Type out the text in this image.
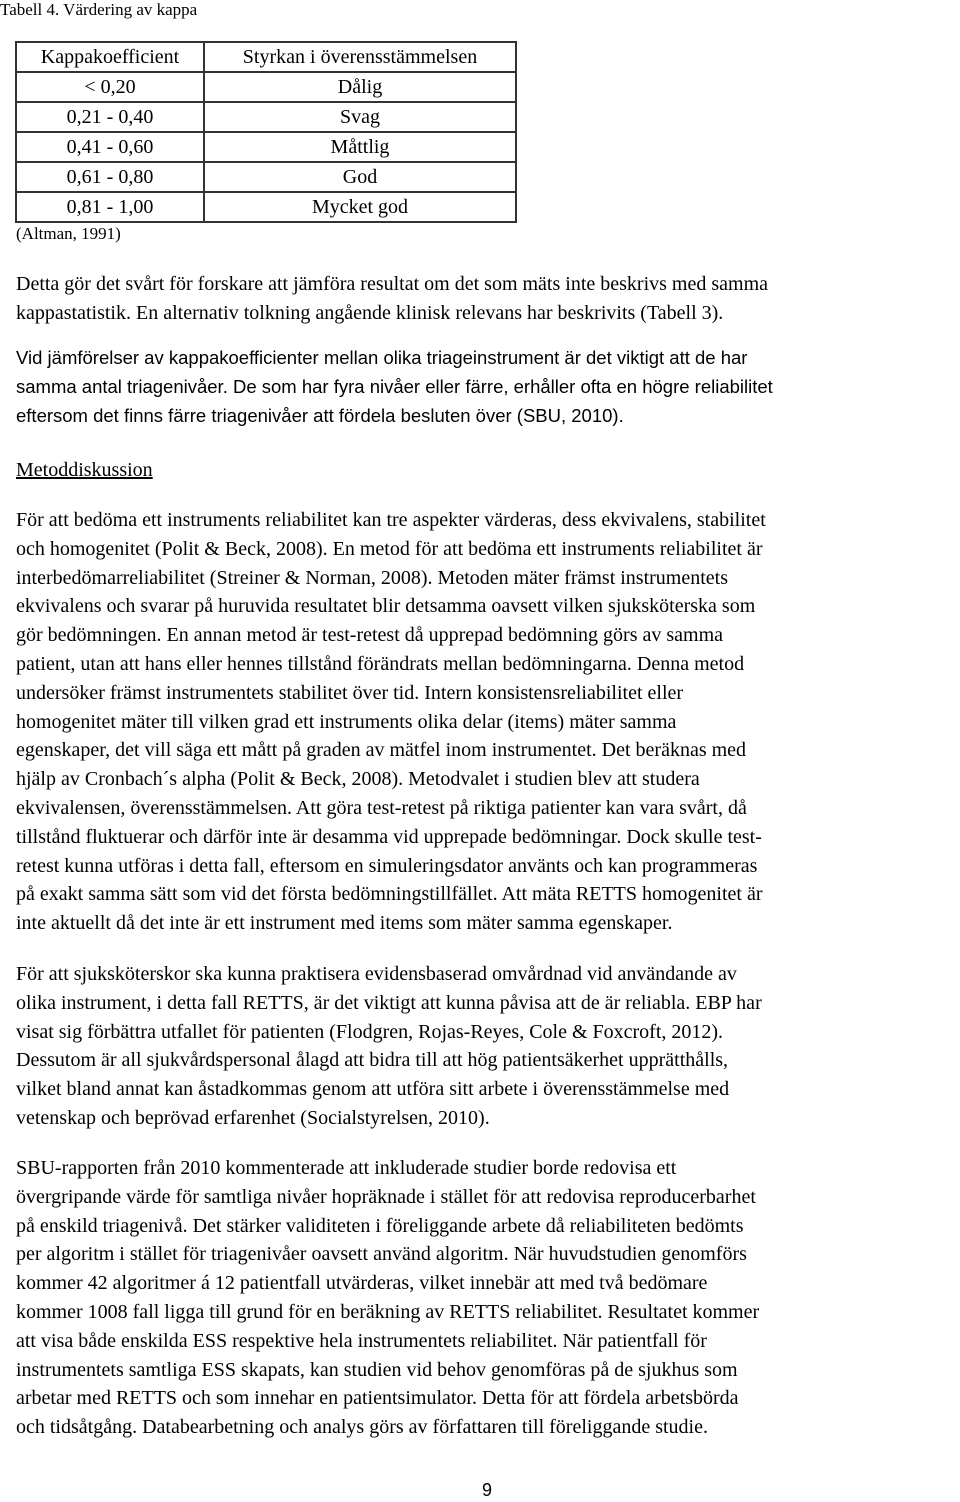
Tabell 4. Värdering av kappa
Kappakoefficient	Styrkan i överensstämmelsen
< 0,20	Dålig
0,21 - 0,40	Svag
0,41 - 0,60	Måttlig
0,61 - 0,80	God
0,81 - 1,00	Mycket god
(Altman, 1991)
Detta gör det svårt för forskare att jämföra resultat om det som mäts inte beskrivs med samma
kappastatistik. En alternativ tolkning angående klinisk relevans har beskrivits (Tabell 3).
Vid jämförelser av kappakoefficienter mellan olika triageinstrument är det viktigt att de har
samma antal triagenivåer. De som har fyra nivåer eller färre, erhåller ofta en högre reliabilitet
eftersom det finns färre triagenivåer att fördela besluten över (SBU, 2010).
Metoddiskussion
För att bedöma ett instruments reliabilitet kan tre aspekter värderas, dess ekvivalens, stabilitet
och homogenitet (Polit & Beck, 2008). En metod för att bedöma ett instruments reliabilitet är
interbedömarreliabilitet (Streiner & Norman, 2008). Metoden mäter främst instrumentets
ekvivalens och svarar på huruvida resultatet blir detsamma oavsett vilken sjuksköterska som
gör bedömningen. En annan metod är test-retest då upprepad bedömning görs av samma
patient, utan att hans eller hennes tillstånd förändrats mellan bedömningarna. Denna metod
undersöker främst instrumentets stabilitet över tid. Intern konsistensreliabilitet eller
homogenitet mäter till vilken grad ett instruments olika delar (items) mäter samma
egenskaper, det vill säga ett mått på graden av mätfel inom instrumentet. Det beräknas med
hjälp av Cronbach´s alpha (Polit & Beck, 2008). Metodvalet i studien blev att studera
ekvivalensen, överensstämmelsen. Att göra test-retest på riktiga patienter kan vara svårt, då
tillstånd fluktuerar och därför inte är desamma vid upprepade bedömningar. Dock skulle test-
retest kunna utföras i detta fall, eftersom en simuleringsdator använts och kan programmeras
på exakt samma sätt som vid det första bedömningstillfället. Att mäta RETTS homogenitet är
inte aktuellt då det inte är ett instrument med items som mäter samma egenskaper.
För att sjuksköterskor ska kunna praktisera evidensbaserad omvårdnad vid användande av
olika instrument, i detta fall RETTS, är det viktigt att kunna påvisa att de är reliabla. EBP har
visat sig förbättra utfallet för patienten (Flodgren, Rojas-Reyes, Cole & Foxcroft, 2012).
Dessutom är all sjukvårdspersonal ålagd att bidra till att hög patientsäkerhet upprätthålls,
vilket bland annat kan åstadkommas genom att utföra sitt arbete i överensstämmelse med
vetenskap och beprövad erfarenhet (Socialstyrelsen, 2010).
SBU-rapporten från 2010 kommenterade att inkluderade studier borde redovisa ett
övergripande värde för samtliga nivåer hopräknade i stället för att redovisa reproducerbarhet
på enskild triagenivå. Det stärker validiteten i föreliggande arbete då reliabiliteten bedömts
per algoritm i stället för triagenivåer oavsett använd algoritm. När huvudstudien genomförs
kommer 42 algoritmer á 12 patientfall utvärderas, vilket innebär att med två bedömare
kommer 1008 fall ligga till grund för en beräkning av RETTS reliabilitet. Resultatet kommer
att visa både enskilda ESS respektive hela instrumentets reliabilitet. När patientfall för
instrumentets samtliga ESS skapats, kan studien vid behov genomföras på de sjukhus som
arbetar med RETTS och som innehar en patientsimulator. Detta för att fördela arbetsbörda
och tidsåtgång. Databearbetning och analys görs av författaren till föreliggande studie.
9
